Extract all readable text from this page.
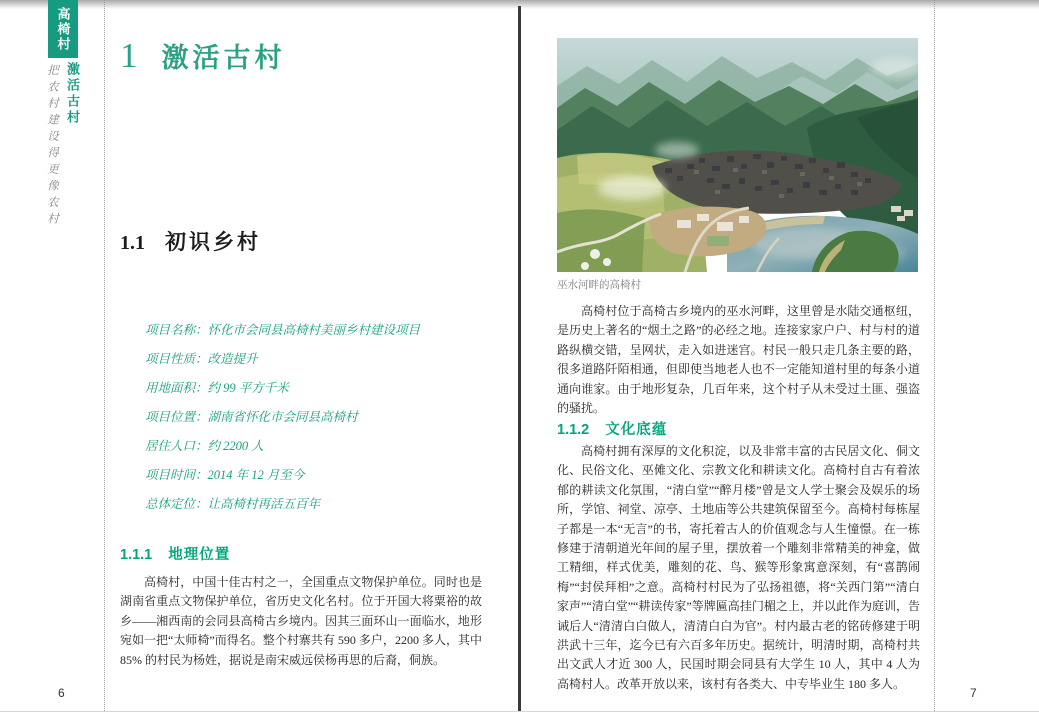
高椅村
激活古村
把农村建设得更像农村
1 激活古村
1.1 初识乡村
项目名称：怀化市会同县高椅村美丽乡村建设项目
项目性质：改造提升
用地面积：约 99 平方千米
项目位置：湖南省怀化市会同县高椅村
居住人口：约 2200 人
项目时间：2014 年 12 月至今
总体定位：让高椅村再活五百年
1.1.1 地理位置
高椅村，中国十佳古村之一，全国重点文物保护单位。同时也是湖南省重点文物保护单位，省历史文化名村。位于开国大将粟裕的故乡——湘西南的会同县高椅古乡境内。因其三面环山一面临水，地形宛如一把“太师椅”而得名。整个村寨共有 590 多户，2200 多人，其中 85% 的村民为杨姓，据说是南宋威远侯杨再思的后裔，侗族。
6
巫水河畔的高椅村
高椅村位于高椅古乡境内的巫水河畔，这里曾是水陆交通枢纽，是历史上著名的“烟土之路”的必经之地。连接家家户户、村与村的道路纵横交错，呈网状，走入如进迷宫。村民一般只走几条主要的路，很多道路阡陌相通，但即使当地老人也不一定能知道村里的每条小道通向谁家。由于地形复杂，几百年来，这个村子从未受过土匪、强盗的骚扰。
1.1.2 文化底蕴
高椅村拥有深厚的文化积淀，以及非常丰富的古民居文化、侗文化、民俗文化、巫傩文化、宗教文化和耕读文化。高椅村自古有着浓郁的耕读文化氛围，“清白堂”“醉月楼”曾是文人学士聚会及娱乐的场所，学馆、祠堂、凉亭、土地庙等公共建筑保留至今。高椅村每栋屋子都是一本“无言”的书，寄托着古人的价值观念与人生憧憬。在一栋修建于清朝道光年间的屋子里，摆放着一个雕刻非常精美的神龛，做工精细，样式优美，雕刻的花、鸟、猴等形象寓意深刻，有“喜鹊闹梅”“封侯拜相”之意。高椅村村民为了弘扬祖德，将“关西门第”“清白家声”“清白堂”“耕读传家”等牌匾高挂门楣之上，并以此作为庭训，告诫后人“清清白白做人，清清白白为官”。村内最古老的铭砖修建于明洪武十三年，迄今已有六百多年历史。据统计，明清时期，高椅村共出文武人才近 300 人，民国时期会同县有大学生 10 人，其中 4 人为高椅村人。改革开放以来，该村有各类大、中专毕业生 180 多人。
7
